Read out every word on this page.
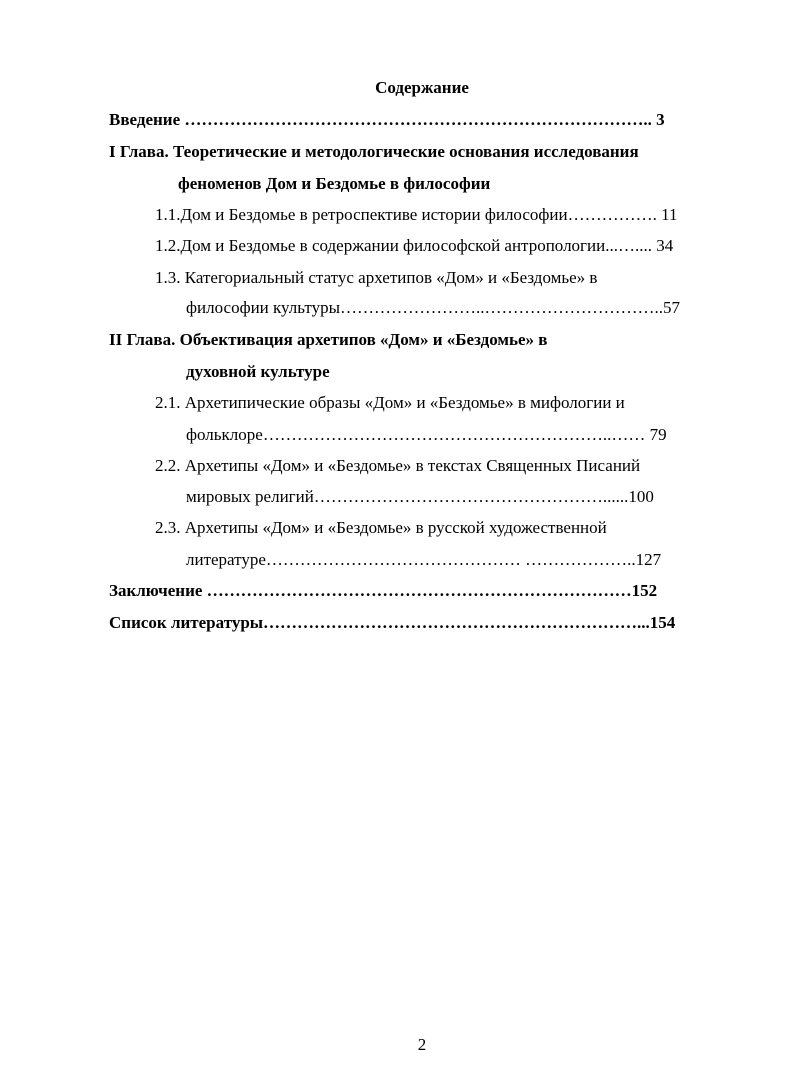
Содержание
Введение ……………………………………………………………………….. 3
I Глава. Теоретические и методологические основания исследования
феноменов Дом и Бездомье в философии
1.1.Дом и Бездомье в ретроспективе истории философии……………. 11
1.2.Дом и Бездомье в содержании философской антропологии...….... 34
1.3. Категориальный статус архетипов «Дом» и «Бездомье» в
философии культуры……………………..…………………………..57
II Глава. Объективация архетипов «Дом» и «Бездомье» в
духовной культуре
2.1. Архетипические образы «Дом» и «Бездомье» в мифологии и
фольклоре……………………………………………………..…… 79
2.2. Архетипы «Дом» и «Бездомье» в текстах Священных Писаний
мировых религий……………………………………………......100
2.3. Архетипы «Дом» и «Бездомье» в русской художественной
литературе……………………………………… ………………..127
Заключение …………………………………………………………………152
Список литературы…………………………………………………………...154
2
